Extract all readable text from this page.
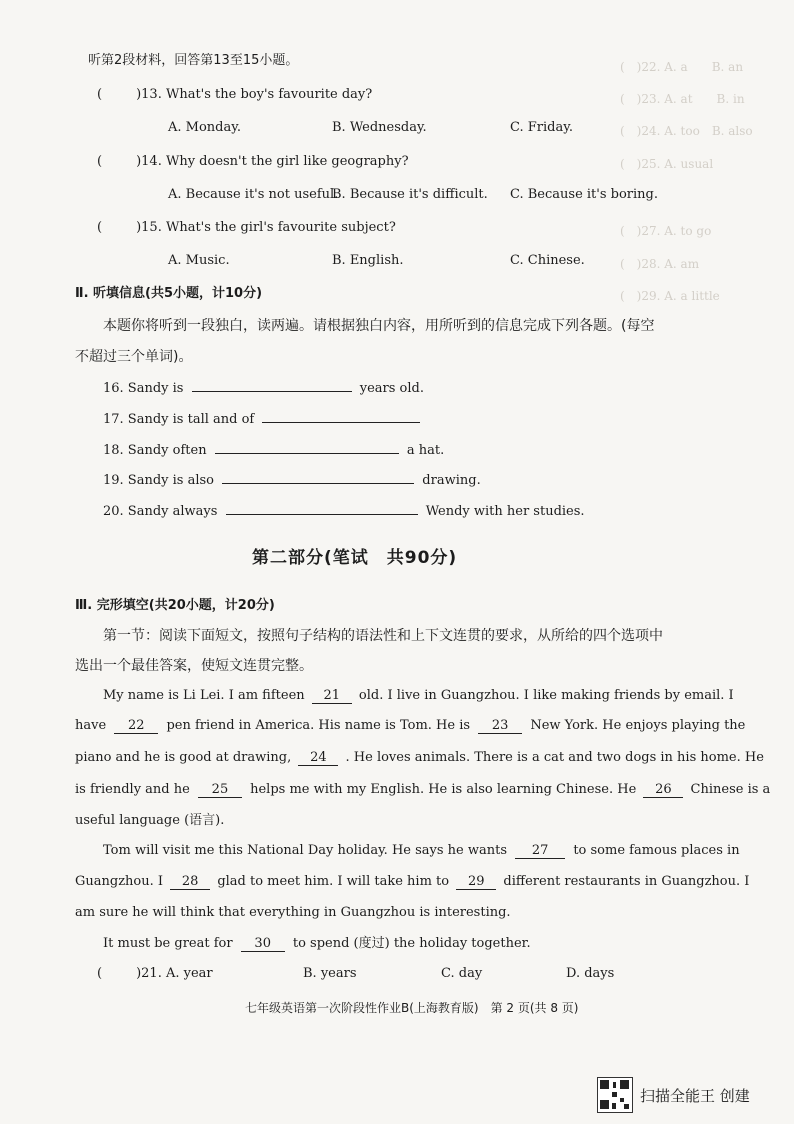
(　)22. A. a　　B. an
(　)23. A. at　　B. in
(　)24. A. too　B. also
(　)25. A. usual
(　)27. A. to go
(　)28. A. am
(　)29. A. a little
听第2段材料，回答第13至15小题。
(	)13. What's the boy's favourite day?
A. Monday.	B. Wednesday.	C. Friday.
(	)14. Why doesn't the girl like geography?
A. Because it's not useful.
B. Because it's difficult. C. Because it's boring.
(	)15. What's the girl's favourite subject?
A. Music.	B. English.	C. Chinese.
Ⅱ. 听填信息(共5小题，计10分)
本题你将听到一段独白，读两遍。请根据独白内容，用所听到的信息完成下列各题。(每空
不超过三个单词)。
16. Sandy is	years old.
17. Sandy is tall and of
18. Sandy often	a hat.
19. Sandy is also	drawing.
20. Sandy always	Wendy with her studies.
第二部分(笔试　共90分)
Ⅲ. 完形填空(共20小题，计20分)
第一节：阅读下面短文，按照句子结构的语法性和上下文连贯的要求，从所给的四个选项中
选出一个最佳答案，使短文连贯完整。
My name is Li Lei. I am fifteen 21 old. I live in Guangzhou. I like making friends by email. I
have 22 pen friend in America. His name is Tom. He is 23 New York. He enjoys playing the
piano and he is good at drawing, 24 . He loves animals. There is a cat and two dogs in his home. He
is friendly and he 25 helps me with my English. He is also learning Chinese. He 26 Chinese is a
useful language (语言).
Tom will visit me this National Day holiday. He says he wants 27 to some famous places in
Guangzhou. I 28 glad to meet him. I will take him to 29 different restaurants in Guangzhou. I
am sure he will think that everything in Guangzhou is interesting.
It must be great for 30 to spend (度过) the holiday together.
(	)21. A. year	B. years	C. day	D. days
七年级英语第一次阶段性作业B(上海教育版)　第 2 页(共 8 页)
扫描全能王 创建
